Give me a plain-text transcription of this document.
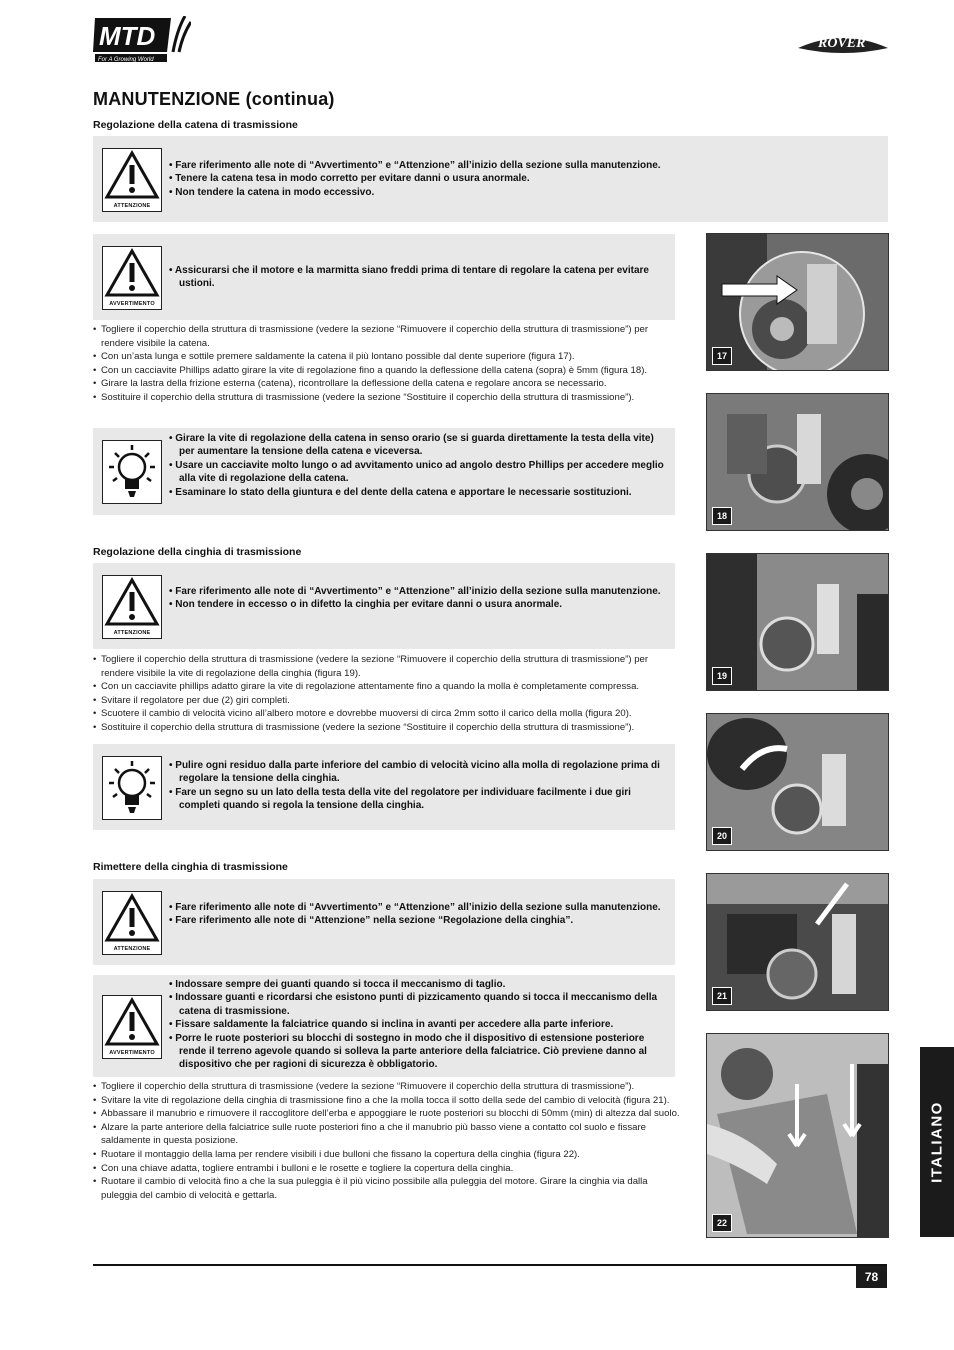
MTD
For A Growing World
ROVER
MANUTENZIONE (continua)
Regolazione della catena di trasmissione
ATTENZIONE
• Fare riferimento alle note di “Avvertimento” e “Attenzione” all’inizio della sezione sulla manutenzione.
• Tenere la catena tesa in modo corretto per evitare danni o usura anormale.
• Non tendere la catena in modo eccessivo.
AVVERTIMENTO
• Assicurarsi che il motore e la marmitta siano freddi prima di tentare di regolare la catena per evitare ustioni.
• Togliere il coperchio della struttura di trasmissione (vedere la sezione “Rimuovere il coperchio della struttura di trasmissione”) per rendere visibile la catena.
• Con un’asta lunga e sottile premere saldamente la catena il più lontano possible dal dente superiore (figura 17).
• Con un cacciavite Phillips adatto girare la vite di regolazione fino a quando la deflessione della catena (sopra) è 5mm (figura 18).
• Girare la lastra della frizione esterna (catena), ricontrollare la deflessione della catena e regolare ancora se necessario.
• Sostituire il coperchio della struttura di trasmissione (vedere la sezione “Sostituire il coperchio della struttura di trasmissione”).
• Girare la vite di regolazione della catena in senso orario (se si guarda direttamente la testa della vite) per aumentare la tensione della catena e viceversa.
• Usare un cacciavite molto lungo o ad avvitamento unico ad angolo destro Phillips per accedere meglio alla vite di regolazione della catena.
• Esaminare lo stato della giuntura e del dente della catena e apportare le necessarie sostituzioni.
Regolazione della cinghia di trasmissione
ATTENZIONE
• Fare riferimento alle note di “Avvertimento” e “Attenzione” all’inizio della sezione sulla manutenzione.
• Non tendere in eccesso o in difetto la cinghia per evitare danni o usura anormale.
• Togliere il coperchio della struttura di trasmissione (vedere la sezione “Rimuovere il coperchio della struttura di trasmissione”) per rendere visibile la vite di regolazione della cinghia (figura 19).
• Con un cacciavite phillips adatto girare la vite di regolazione attentamente fino a quando la molla è completamente compressa.
• Svitare il regolatore per due (2) giri completi.
• Scuotere il cambio di velocità vicino all’albero motore e dovrebbe muoversi di circa 2mm sotto il carico della molla (figura 20).
• Sostituire il coperchio della struttura di trasmissione (vedere la sezione “Sostituire il coperchio della struttura di trasmissione”).
• Pulire ogni residuo dalla parte inferiore del cambio di velocità vicino alla molla di regolazione prima di regolare la tensione della cinghia.
• Fare un segno su un lato della testa della vite del regolatore per individuare facilmente i due giri completi quando si regola la tensione della cinghia.
Rimettere della cinghia di trasmissione
ATTENZIONE
• Fare riferimento alle note di “Avvertimento” e “Attenzione” all’inizio della sezione sulla manutenzione.
• Fare riferimento alle note di “Attenzione” nella sezione “Regolazione della cinghia”.
AVVERTIMENTO
• Indossare sempre dei guanti quando si tocca il meccanismo di taglio.
• Indossare guanti e ricordarsi che esistono punti di pizzicamento quando si tocca il meccanismo della catena di trasmissione.
• Fissare saldamente la falciatrice quando si inclina in avanti per accedere alla parte inferiore.
• Porre le ruote posteriori su blocchi di sostegno in modo che il dispositivo di estensione posteriore rende il terreno agevole quando si solleva la parte anteriore della falciatrice. Ciò previene danno al dispositivo che per ragioni di sicurezza è obbligatorio.
• Togliere il coperchio della struttura di trasmissione (vedere la sezione “Rimuovere il coperchio della struttura di trasmissione”).
• Svitare la vite di regolazione della cinghia di trasmissione fino a che la molla tocca il sotto della sede del cambio di velocità (figura 21).
• Abbassare il manubrio e rimuovere il raccoglitore dell’erba e appoggiare le ruote posteriori su blocchi di 50mm (min) di altezza dal suolo.
• Alzare la parte anteriore della falciatrice sulle ruote posteriori fino a che il manubrio più basso viene a contatto col suolo e fissare saldamente in questa posizione.
• Ruotare il montaggio della lama per rendere visibili i due bulloni che fissano la copertura della cinghia (figura 22).
• Con una chiave adatta, togliere entrambi i bulloni e le rosette e togliere la copertura della cinghia.
• Ruotare il cambio di velocità fino a che la sua puleggia è il più vicino possibile alla puleggia del motore. Girare la cinghia via dalla puleggia del cambio di velocità e gettarla.
17
18
19
20
21
22
ITALIANO
78
